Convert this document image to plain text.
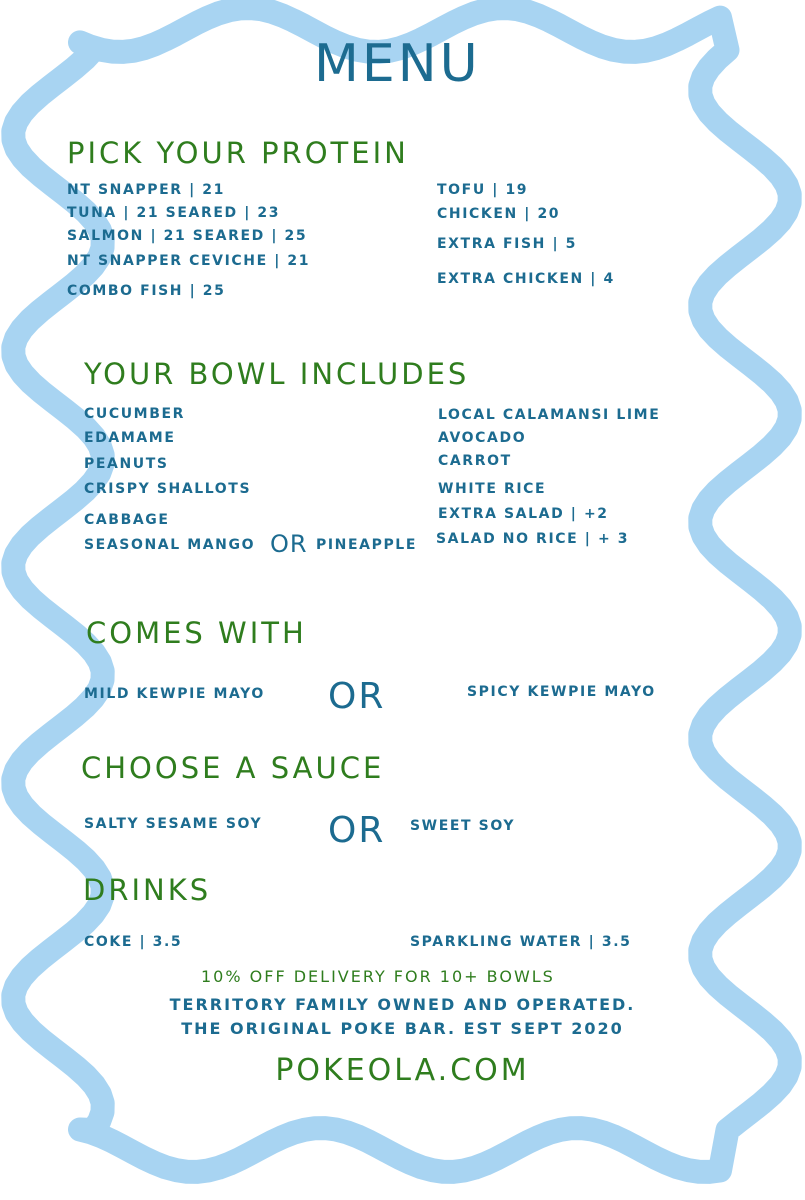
MENU
PICK YOUR PROTEIN
NT SNAPPER | 21
TUNA | 21 SEARED | 23
SALMON | 21 SEARED | 25
NT SNAPPER CEVICHE | 21
COMBO FISH | 25
TOFU | 19
CHICKEN | 20
EXTRA FISH | 5
EXTRA CHICKEN | 4
YOUR BOWL INCLUDES
CUCUMBER
EDAMAME
PEANUTS
CRISPY SHALLOTS
CABBAGE
SEASONAL MANGO OR PINEAPPLE
LOCAL CALAMANSI LIME
AVOCADO
CARROT
WHITE RICE
EXTRA SALAD | +2
SALAD NO RICE | + 3
COMES WITH
MILD KEWPIE MAYO OR	SPICY KEWPIE MAYO
CHOOSE A SAUCE
SALTY SESAME SOY OR SWEET SOY
DRINKS
COKE | 3.5	SPARKLING WATER | 3.5
10% OFF DELIVERY FOR 10+ BOWLS
TERRITORY FAMILY OWNED AND OPERATED.
THE ORIGINAL POKE BAR. EST SEPT 2020
POKEOLA.COM
